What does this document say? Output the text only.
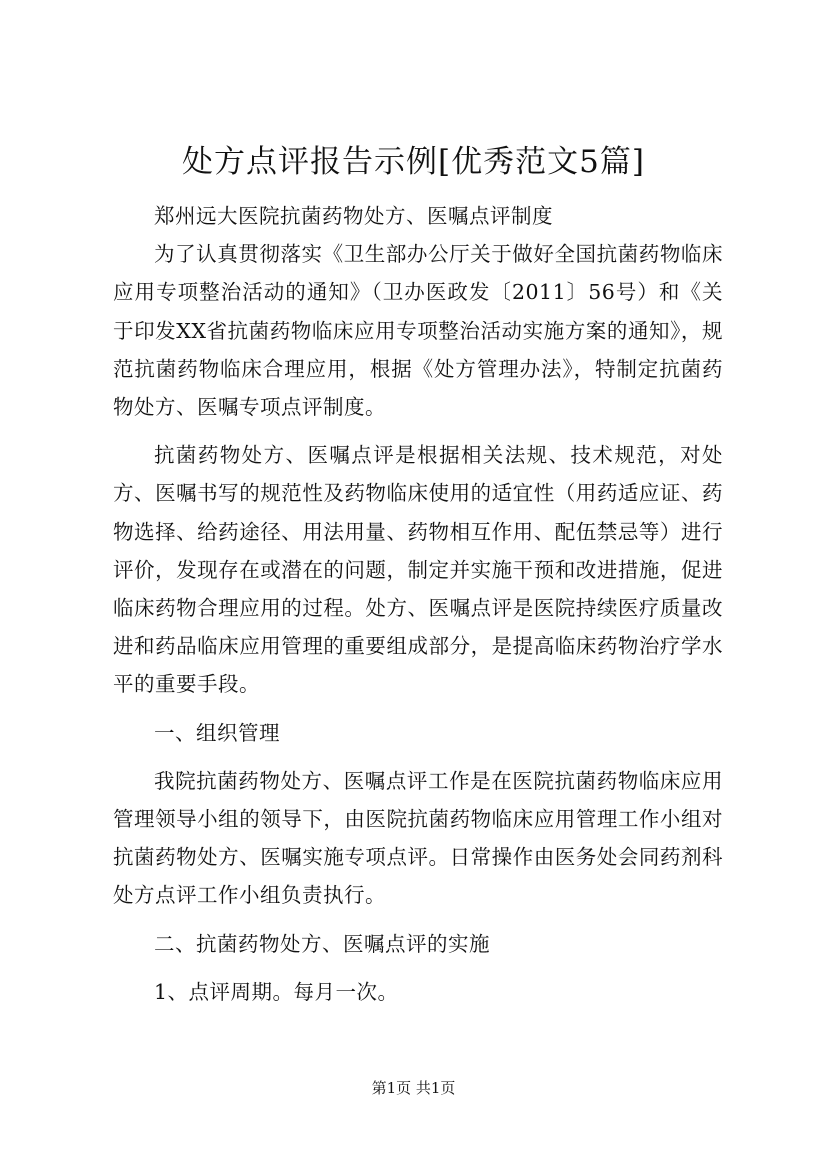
处方点评报告示例[优秀范文5篇]

郑州远大医院抗菌药物处方、医嘱点评制度

为了认真贯彻落实《卫生部办公厅关于做好全国抗菌药物临床应用专项整治活动的通知》（卫办医政发〔2011〕56号）和《关于印发XX省抗菌药物临床应用专项整治活动实施方案的通知》，规范抗菌药物临床合理应用，根据《处方管理办法》，特制定抗菌药物处方、医嘱专项点评制度。

抗菌药物处方、医嘱点评是根据相关法规、技术规范，对处方、医嘱书写的规范性及药物临床使用的适宜性（用药适应证、药物选择、给药途径、用法用量、药物相互作用、配伍禁忌等）进行评价，发现存在或潜在的问题，制定并实施干预和改进措施，促进临床药物合理应用的过程。处方、医嘱点评是医院持续医疗质量改进和药品临床应用管理的重要组成部分，是提高临床药物治疗学水平的重要手段。

一、组织管理

我院抗菌药物处方、医嘱点评工作是在医院抗菌药物临床应用管理领导小组的领导下，由医院抗菌药物临床应用管理工作小组对抗菌药物处方、医嘱实施专项点评。日常操作由医务处会同药剂科处方点评工作小组负责执行。

二、抗菌药物处方、医嘱点评的实施

1、点评周期。每月一次。

第1页 共1页
